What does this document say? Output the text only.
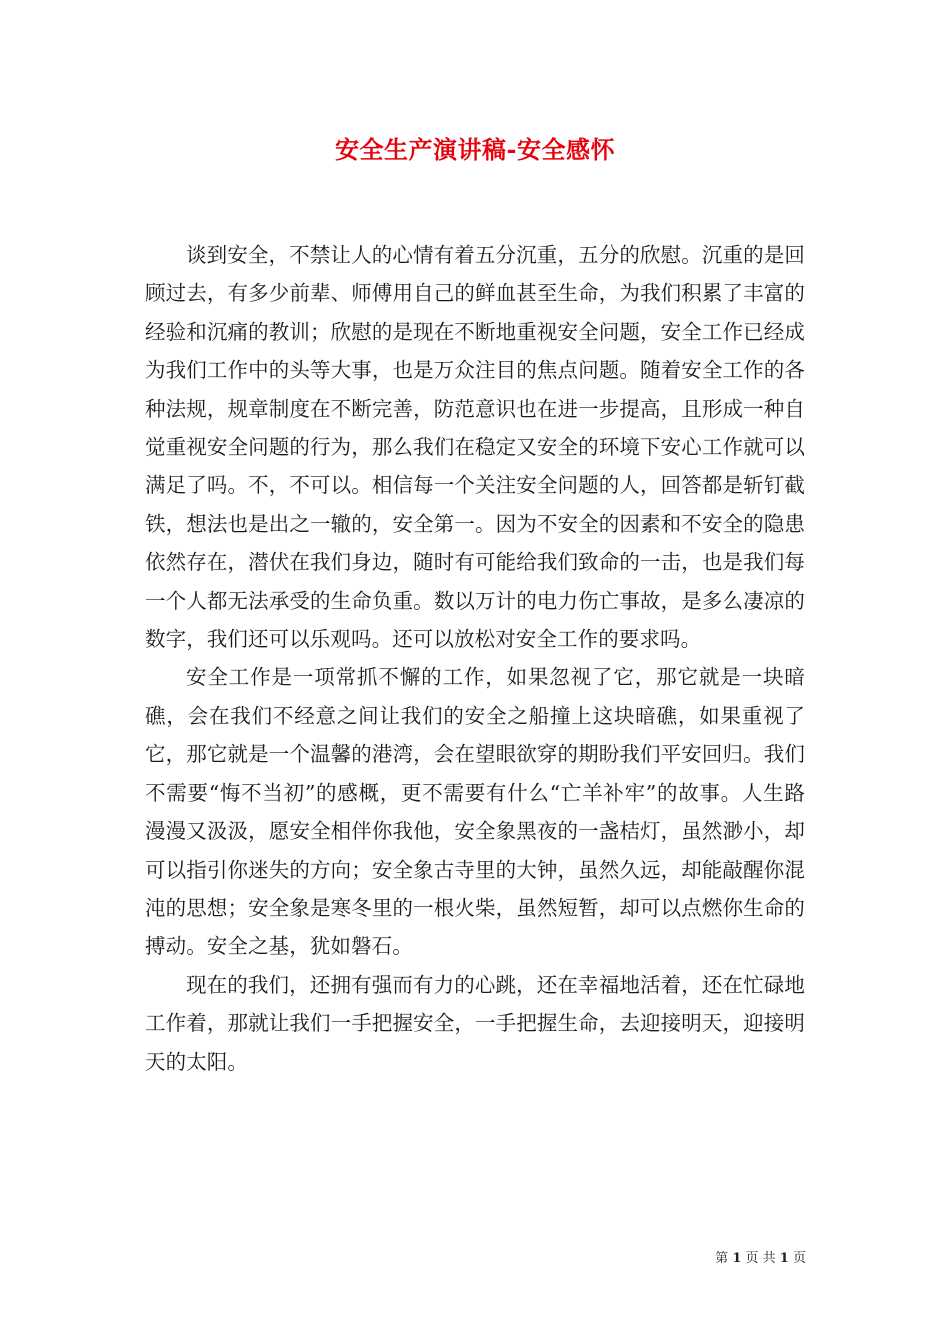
安全生产演讲稿-安全感怀

谈到安全，不禁让人的心情有着五分沉重，五分的欣慰。沉重的是回顾过去，有多少前辈、师傅用自己的鲜血甚至生命，为我们积累了丰富的经验和沉痛的教训；欣慰的是现在不断地重视安全问题，安全工作已经成为我们工作中的头等大事，也是万众注目的焦点问题。随着安全工作的各种法规，规章制度在不断完善，防范意识也在进一步提高，且形成一种自觉重视安全问题的行为，那么我们在稳定又安全的环境下安心工作就可以满足了吗。不，不可以。相信每一个关注安全问题的人，回答都是斩钉截铁，想法也是出之一辙的，安全第一。因为不安全的因素和不安全的隐患依然存在，潜伏在我们身边，随时有可能给我们致命的一击，也是我们每一个人都无法承受的生命负重。数以万计的电力伤亡事故，是多么凄凉的数字，我们还可以乐观吗。还可以放松对安全工作的要求吗。

安全工作是一项常抓不懈的工作，如果忽视了它，那它就是一块暗礁，会在我们不经意之间让我们的安全之船撞上这块暗礁，如果重视了它，那它就是一个温馨的港湾，会在望眼欲穿的期盼我们平安回归。我们不需要“悔不当初”的感概，更不需要有什么“亡羊补牢”的故事。人生路漫漫又汲汲，愿安全相伴你我他，安全象黑夜的一盏桔灯，虽然渺小，却可以指引你迷失的方向；安全象古寺里的大钟，虽然久远，却能敲醒你混沌的思想；安全象是寒冬里的一根火柴，虽然短暂，却可以点燃你生命的搏动。安全之基，犹如磐石。

现在的我们，还拥有强而有力的心跳，还在幸福地活着，还在忙碌地工作着，那就让我们一手把握安全，一手把握生命，去迎接明天，迎接明天的太阳。

第 1 页 共 1 页
